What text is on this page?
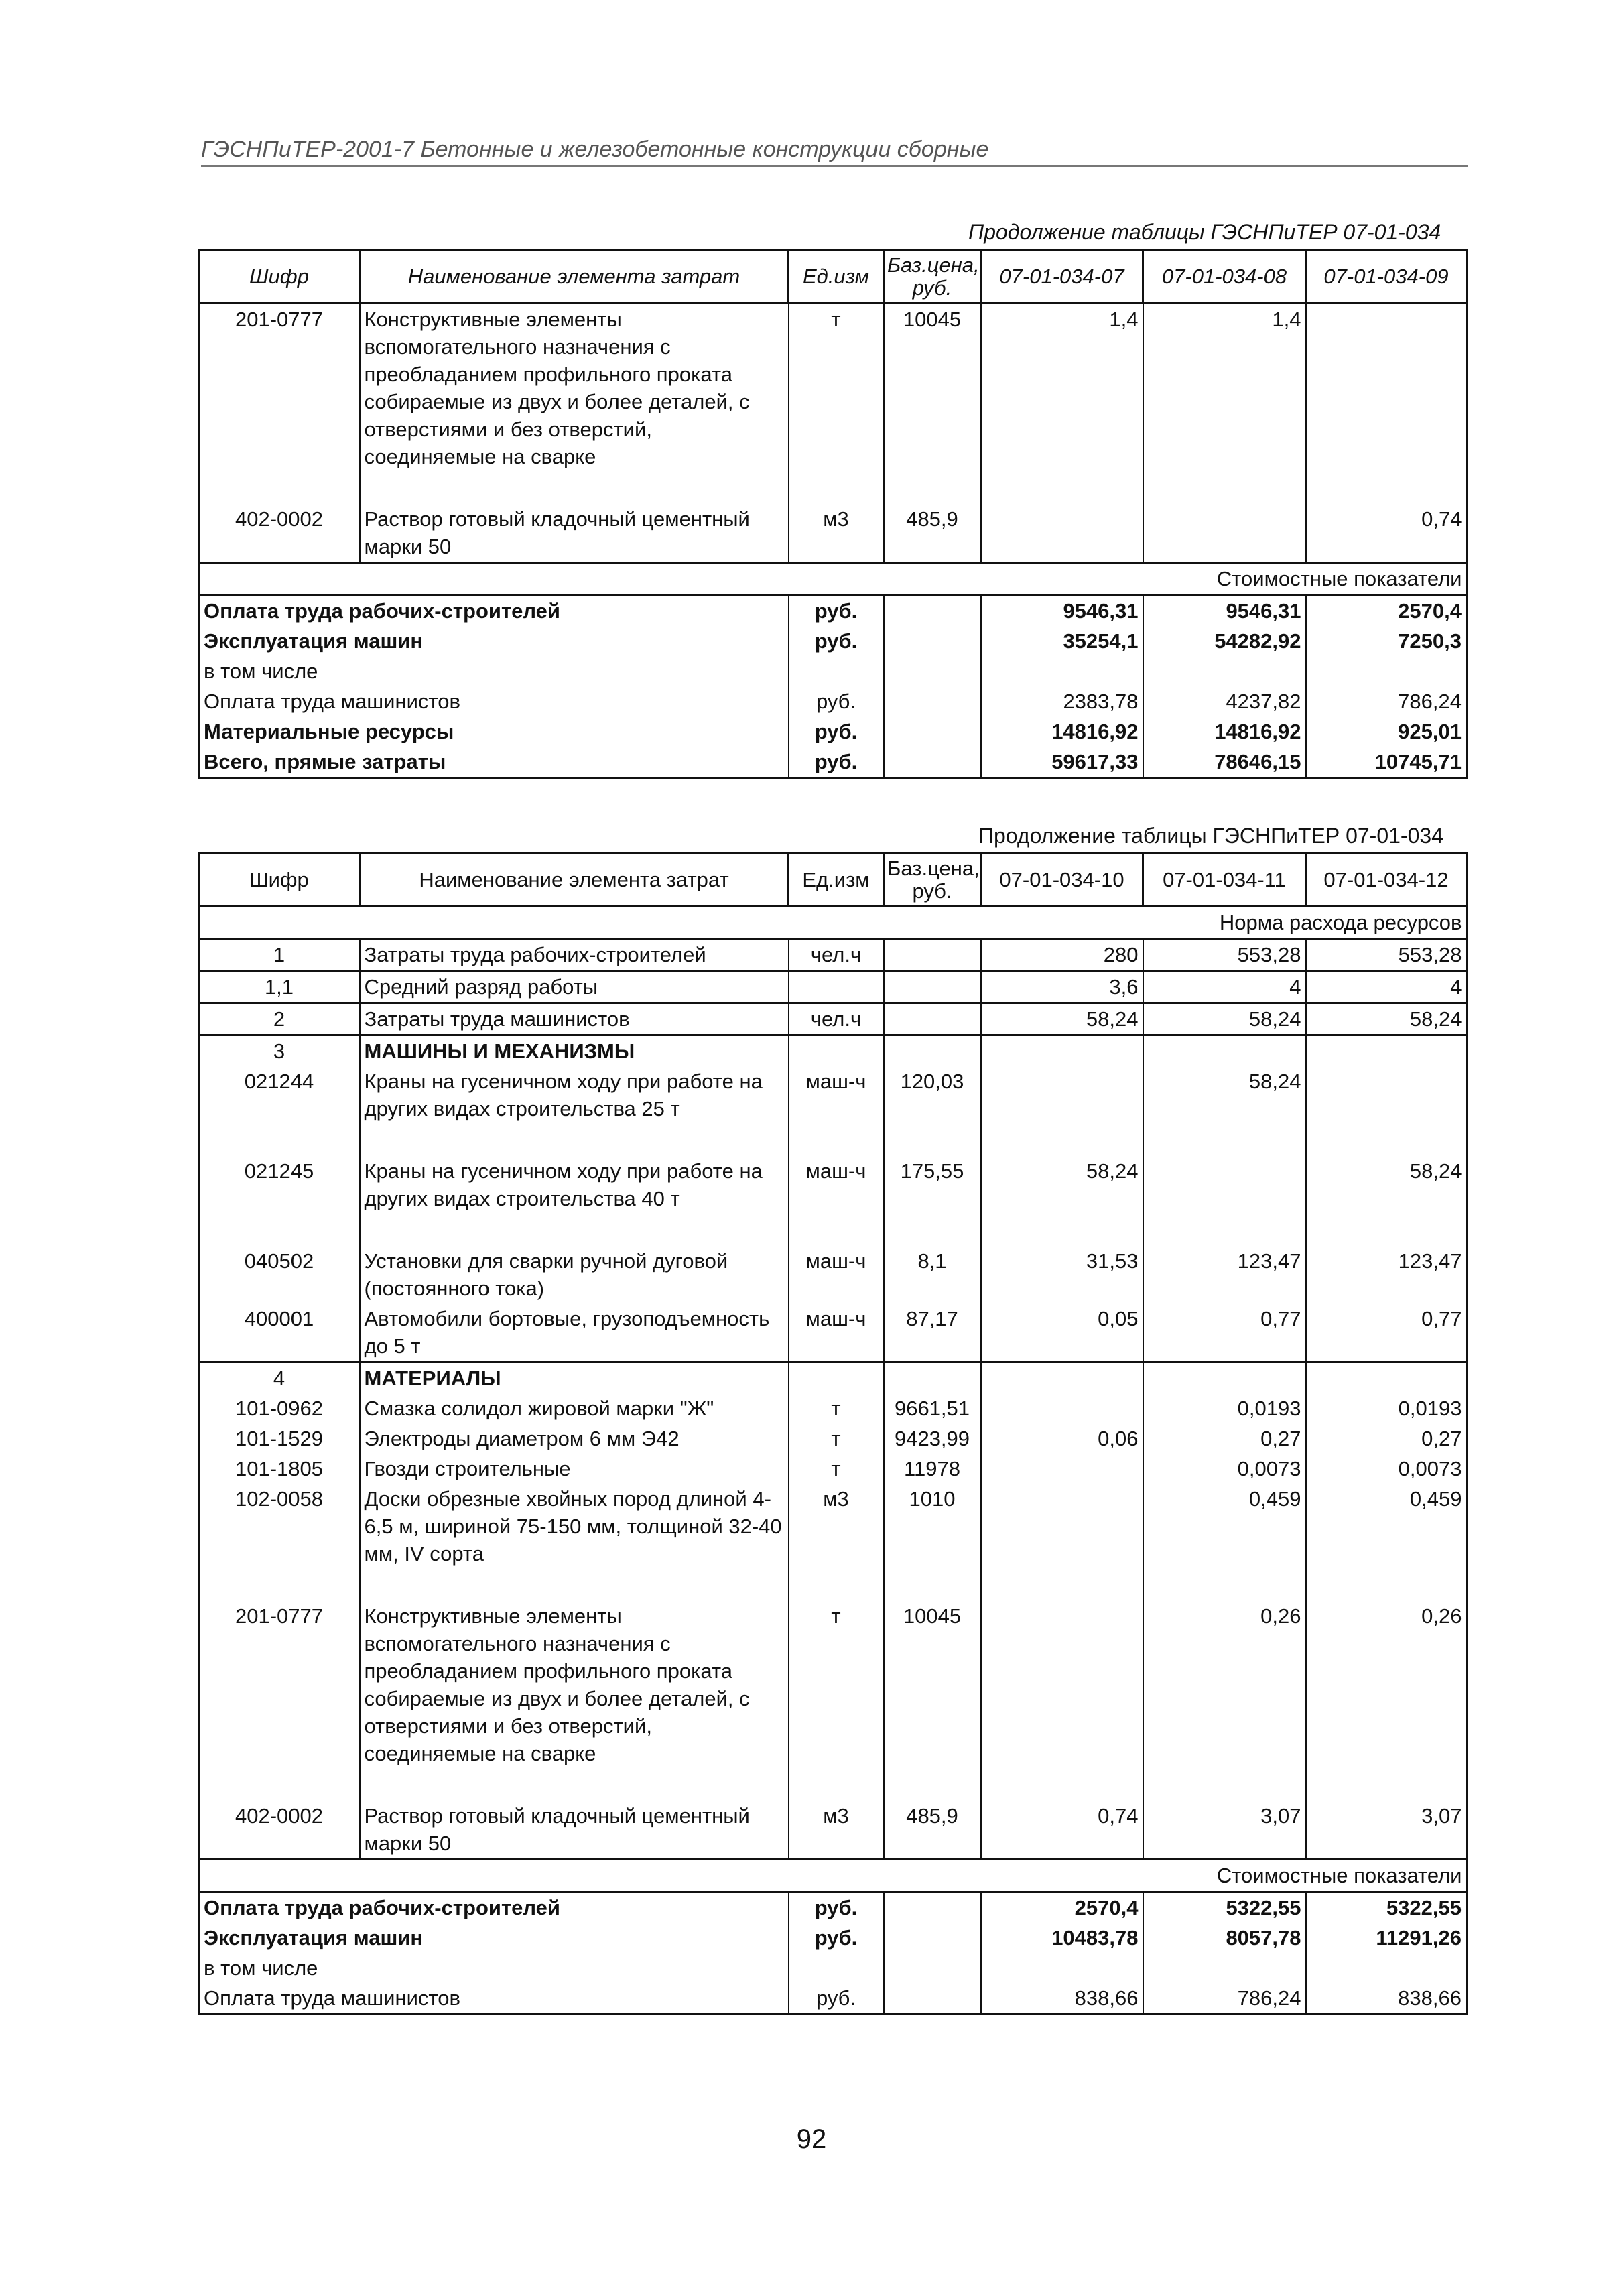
ГЭСНПиТЕР-2001-7 Бетонные и железобетонные конструкции сборные
Продолжение таблицы ГЭСНПиТЕР 07-01-034
Шифр	Наименование элемента затрат	Ед.изм	Баз.цена, руб.	07-01-034-07	07-01-034-08	07-01-034-09
201-0777	Конструктивные элементы вспомогательного назначения с преобладанием профильного проката собираемые из двух и более деталей, с отверстиями и без отверстий, соединяемые на сварке	т	10045	1,4	1,4	

402-0002	Раствор готовый кладочный цементный марки 50	м3	485,9			0,74
Стоимостные показатели						
Оплата труда рабочих-строителей		руб.		9546,31	9546,31	2570,4
Эксплуатация машин		руб.		35254,1	54282,92	7250,3
в том числе						
Оплата труда машинистов		руб.		2383,78	4237,82	786,24
Материальные ресурсы		руб.		14816,92	14816,92	925,01
Всего, прямые затраты		руб.		59617,33	78646,15	10745,71
Продолжение таблицы ГЭСНПиТЕР 07-01-034
Шифр	Наименование элемента затрат	Ед.изм	Баз.цена, руб.	07-01-034-10	07-01-034-11	07-01-034-12
Норма расхода ресурсов						
1	Затраты труда рабочих-строителей	чел.ч		280	553,28	553,28
1,1	Средний разряд работы			3,6	4	4
2	Затраты труда машинистов	чел.ч		58,24	58,24	58,24
3	МАШИНЫ И МЕХАНИЗМЫ					
021244	Краны на гусеничном ходу при работе на других видах строительства 25 т	маш-ч	120,03		58,24	

021245	Краны на гусеничном ходу при работе на других видах строительства 40 т	маш-ч	175,55	58,24		58,24

040502	Установки для сварки ручной дуговой (постоянного тока)	маш-ч	8,1	31,53	123,47	123,47
400001	Автомобили бортовые, грузоподъемность до 5 т	маш-ч	87,17	0,05	0,77	0,77
4	МАТЕРИАЛЫ					
101-0962	Смазка солидол жировой марки "Ж"	т	9661,51		0,0193	0,0193
101-1529	Электроды диаметром 6 мм Э42	т	9423,99	0,06	0,27	0,27
101-1805	Гвозди строительные	т	11978		0,0073	0,0073
102-0058	Доски обрезные хвойных пород длиной 4-6,5 м, шириной 75-150 мм, толщиной 32-40 мм, IV сорта	м3	1010		0,459	0,459

201-0777	Конструктивные элементы вспомогательного назначения с преобладанием профильного проката собираемые из двух и более деталей, с отверстиями и без отверстий, соединяемые на сварке	т	10045		0,26	0,26

402-0002	Раствор готовый кладочный цементный марки 50	м3	485,9	0,74	3,07	3,07
Стоимостные показатели						
Оплата труда рабочих-строителей		руб.		2570,4	5322,55	5322,55
Эксплуатация машин		руб.		10483,78	8057,78	11291,26
в том числе						
Оплата труда машинистов		руб.		838,66	786,24	838,66
92
